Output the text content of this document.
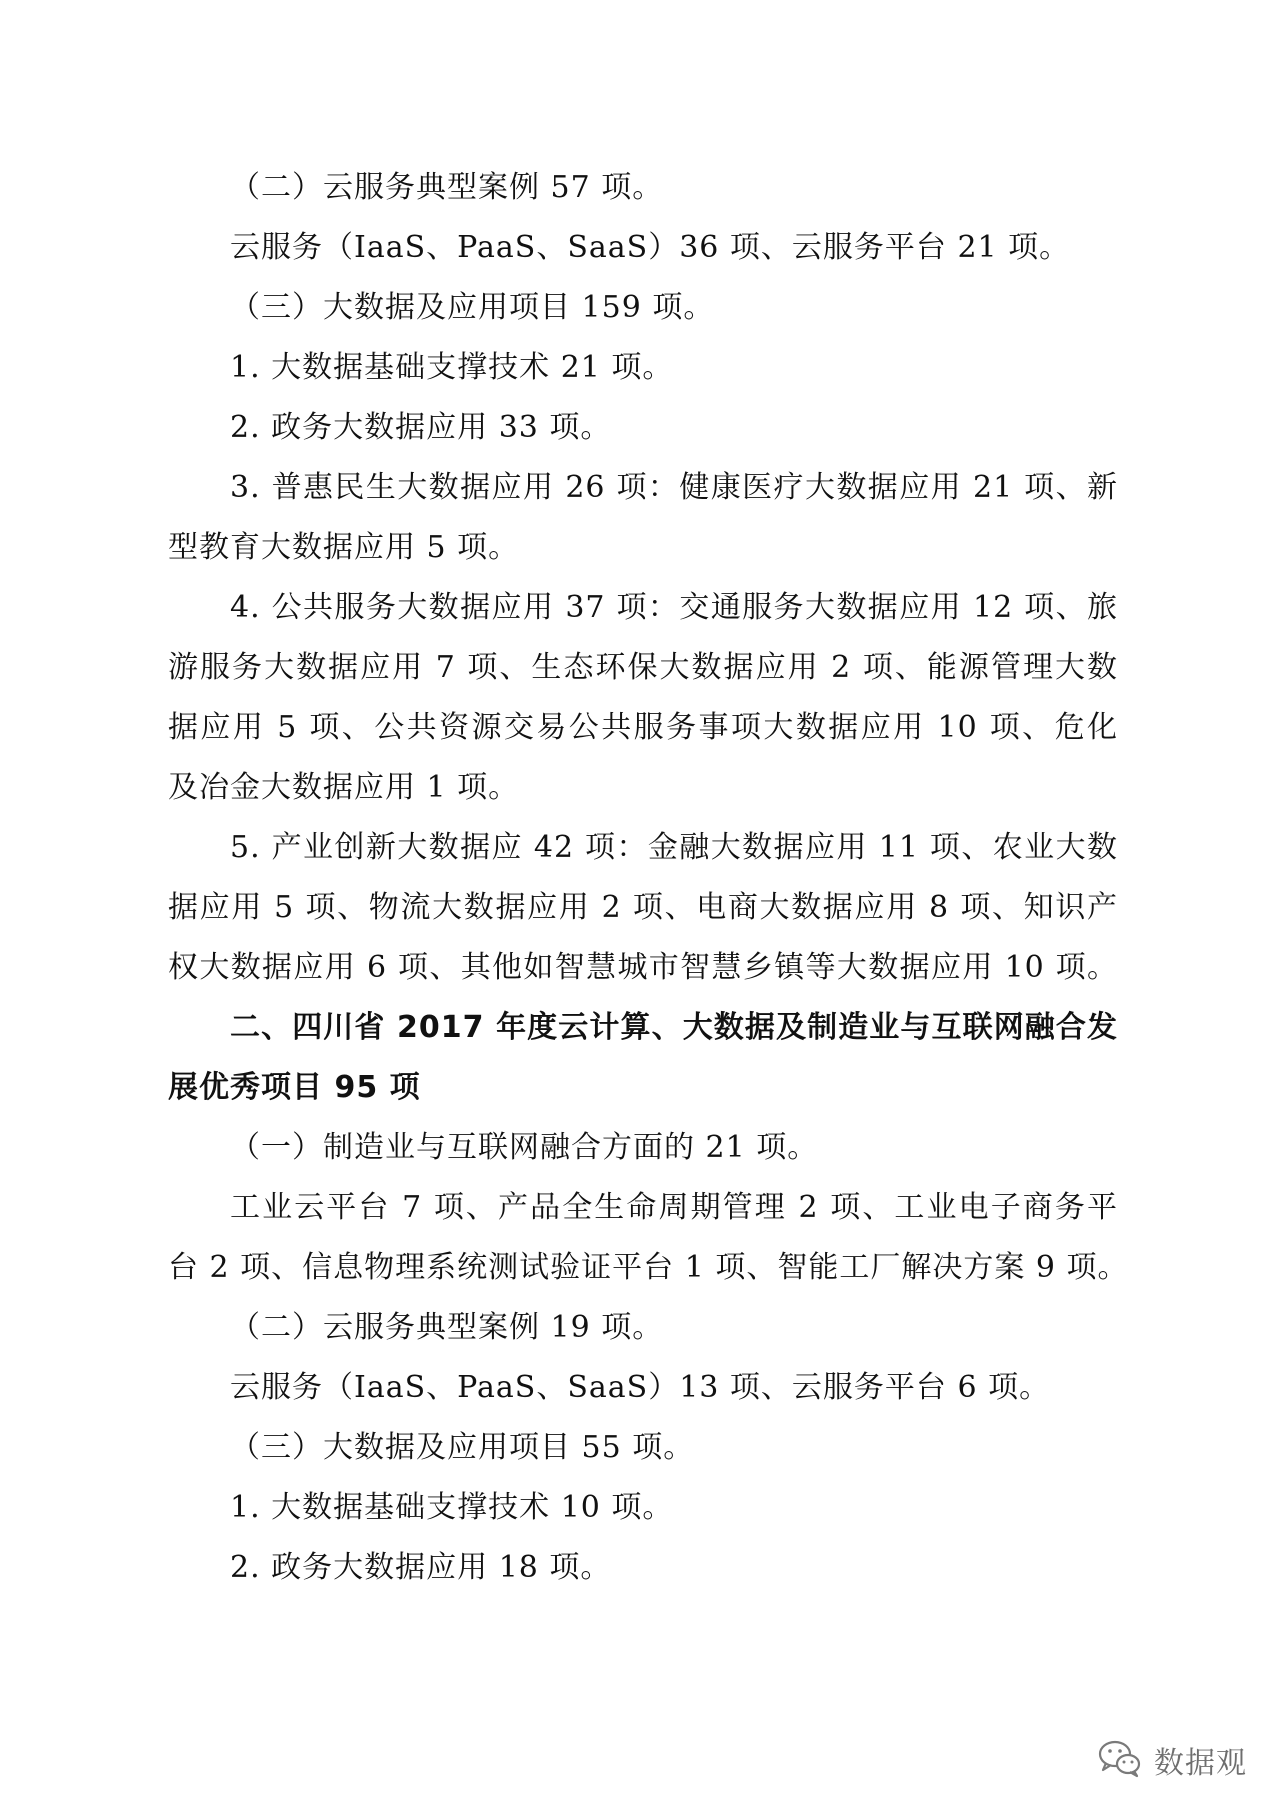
（二）云服务典型案例 57 项。
云服务（IaaS、PaaS、SaaS）36 项、云服务平台 21 项。
（三）大数据及应用项目 159 项。
1. 大数据基础支撑技术 21 项。
2. 政务大数据应用 33 项。
3. 普惠民生大数据应用 26 项：健康医疗大数据应用 21 项、新
型教育大数据应用 5 项。
4. 公共服务大数据应用 37 项：交通服务大数据应用 12 项、旅
游服务大数据应用 7 项、生态环保大数据应用 2 项、能源管理大数
据应用 5 项、公共资源交易公共服务事项大数据应用 10 项、危化
及冶金大数据应用 1 项。
5. 产业创新大数据应 42 项：金融大数据应用 11 项、农业大数
据应用 5 项、物流大数据应用 2 项、电商大数据应用 8 项、知识产
权大数据应用 6 项、其他如智慧城市智慧乡镇等大数据应用 10 项。
二、四川省 2017 年度云计算、大数据及制造业与互联网融合发
展优秀项目 95 项
（一）制造业与互联网融合方面的 21 项。
工业云平台 7 项、产品全生命周期管理 2 项、工业电子商务平
台 2 项、信息物理系统测试验证平台 1 项、智能工厂解决方案 9 项。
（二）云服务典型案例 19 项。
云服务（IaaS、PaaS、SaaS）13 项、云服务平台 6 项。
（三）大数据及应用项目 55 项。
1. 大数据基础支撑技术 10 项。
2. 政务大数据应用 18 项。
数据观
